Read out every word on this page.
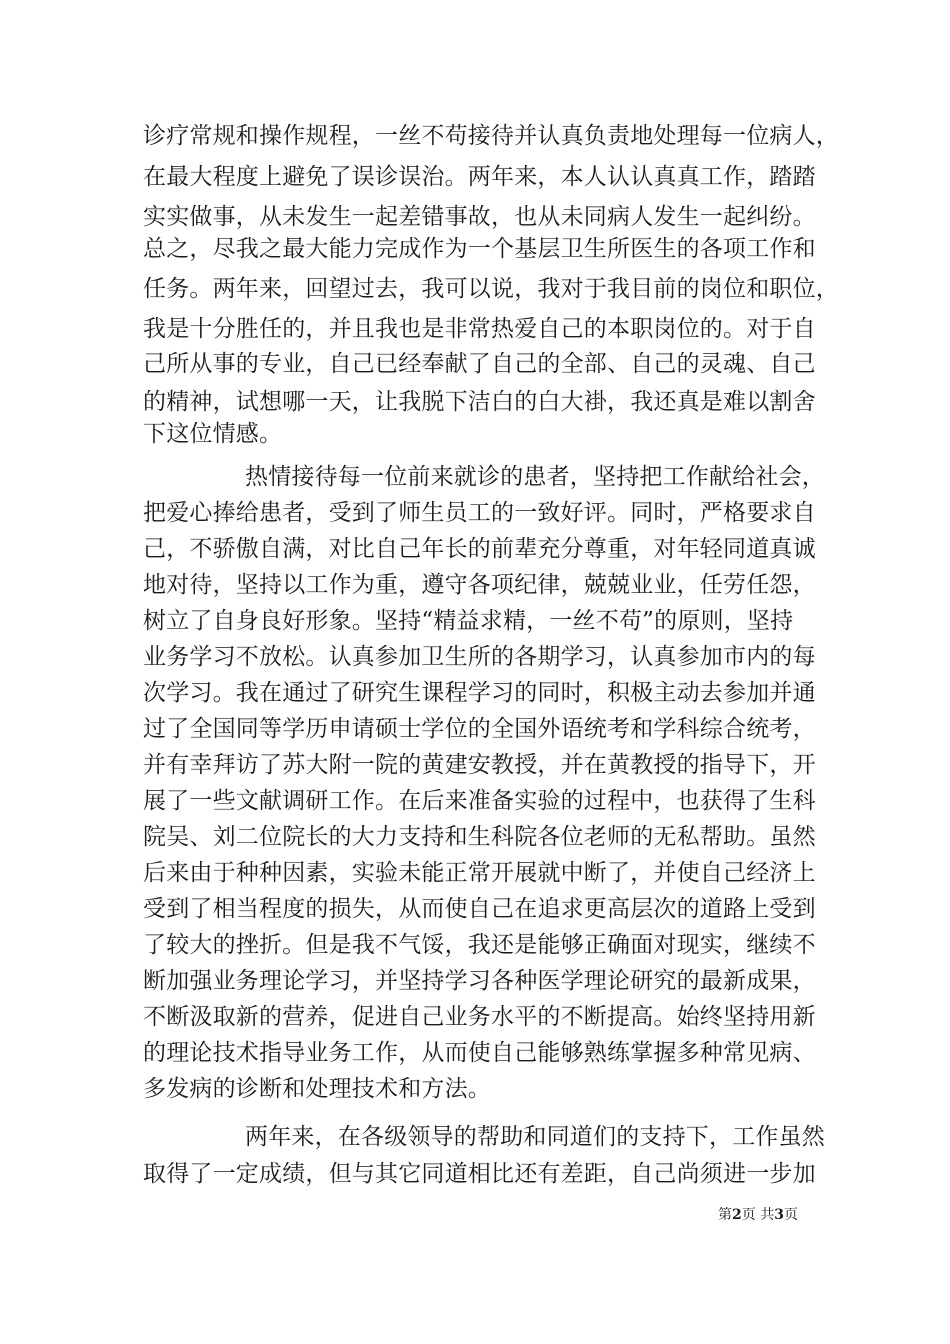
诊疗常规和操作规程，一丝不苟接待并认真负责地处理每一位病人，
在最大程度上避免了误诊误治。两年来，本人认认真真工作，踏踏
实实做事，从未发生一起差错事故，也从未同病人发生一起纠纷。
总之，尽我之最大能力完成作为一个基层卫生所医生的各项工作和
任务。两年来，回望过去，我可以说，我对于我目前的岗位和职位，
我是十分胜任的，并且我也是非常热爱自己的本职岗位的。对于自
己所从事的专业，自己已经奉献了自己的全部、自己的灵魂、自己
的精神，试想哪一天，让我脱下洁白的白大褂，我还真是难以割舍
下这位情感。
热情接待每一位前来就诊的患者，坚持把工作献给社会，
把爱心捧给患者，受到了师生员工的一致好评。同时，严格要求自
己，不骄傲自满，对比自己年长的前辈充分尊重，对年轻同道真诚
地对待，坚持以工作为重，遵守各项纪律，兢兢业业，任劳任怨，
树立了自身良好形象。坚持“精益求精，一丝不苟”的原则，坚持
业务学习不放松。认真参加卫生所的各期学习，认真参加市内的每
次学习。我在通过了研究生课程学习的同时，积极主动去参加并通
过了全国同等学历申请硕士学位的全国外语统考和学科综合统考，
并有幸拜访了苏大附一院的黄建安教授，并在黄教授的指导下，开
展了一些文献调研工作。在后来准备实验的过程中，也获得了生科
院吴、刘二位院长的大力支持和生科院各位老师的无私帮助。虽然
后来由于种种因素，实验未能正常开展就中断了，并使自己经济上
受到了相当程度的损失，从而使自己在追求更高层次的道路上受到
了较大的挫折。但是我不气馁，我还是能够正确面对现实，继续不
断加强业务理论学习，并坚持学习各种医学理论研究的最新成果，
不断汲取新的营养，促进自己业务水平的不断提高。始终坚持用新
的理论技术指导业务工作，从而使自己能够熟练掌握多种常见病、
多发病的诊断和处理技术和方法。
两年来，在各级领导的帮助和同道们的支持下，工作虽然
取得了一定成绩，但与其它同道相比还有差距，自己尚须进一步加
第2页 共3页
